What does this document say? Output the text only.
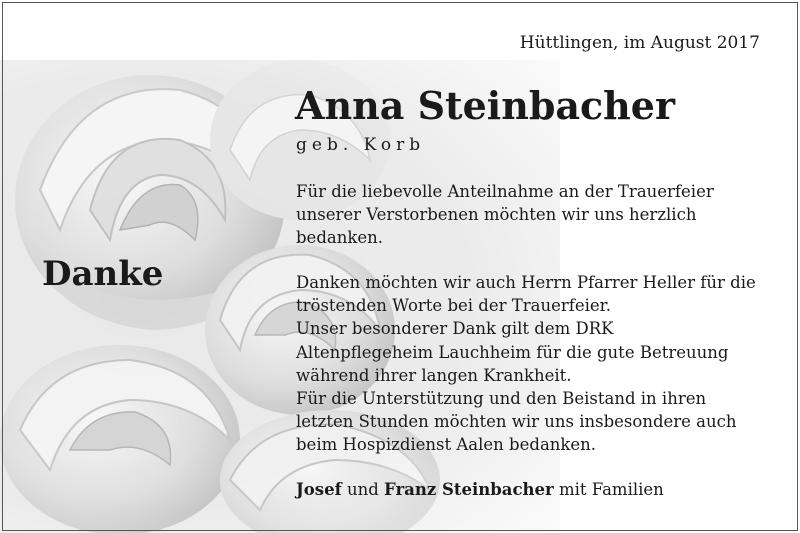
Hüttlingen, im August 2017
Anna Steinbacher
geb. Korb
Danke
Für die liebevolle Anteilnahme an der Trauerfeier
unserer Verstorbenen möchten wir uns herzlich
bedanken.
Danken möchten wir auch Herrn Pfarrer Heller für die
tröstenden Worte bei der Trauerfeier.
Unser besonderer Dank gilt dem DRK
Altenpflegeheim Lauchheim für die gute Betreuung
während ihrer langen Krankheit.
Für die Unterstützung und den Beistand in ihren
letzten Stunden möchten wir uns insbesondere auch
beim Hospizdienst Aalen bedanken.
Josef und Franz Steinbacher mit Familien
